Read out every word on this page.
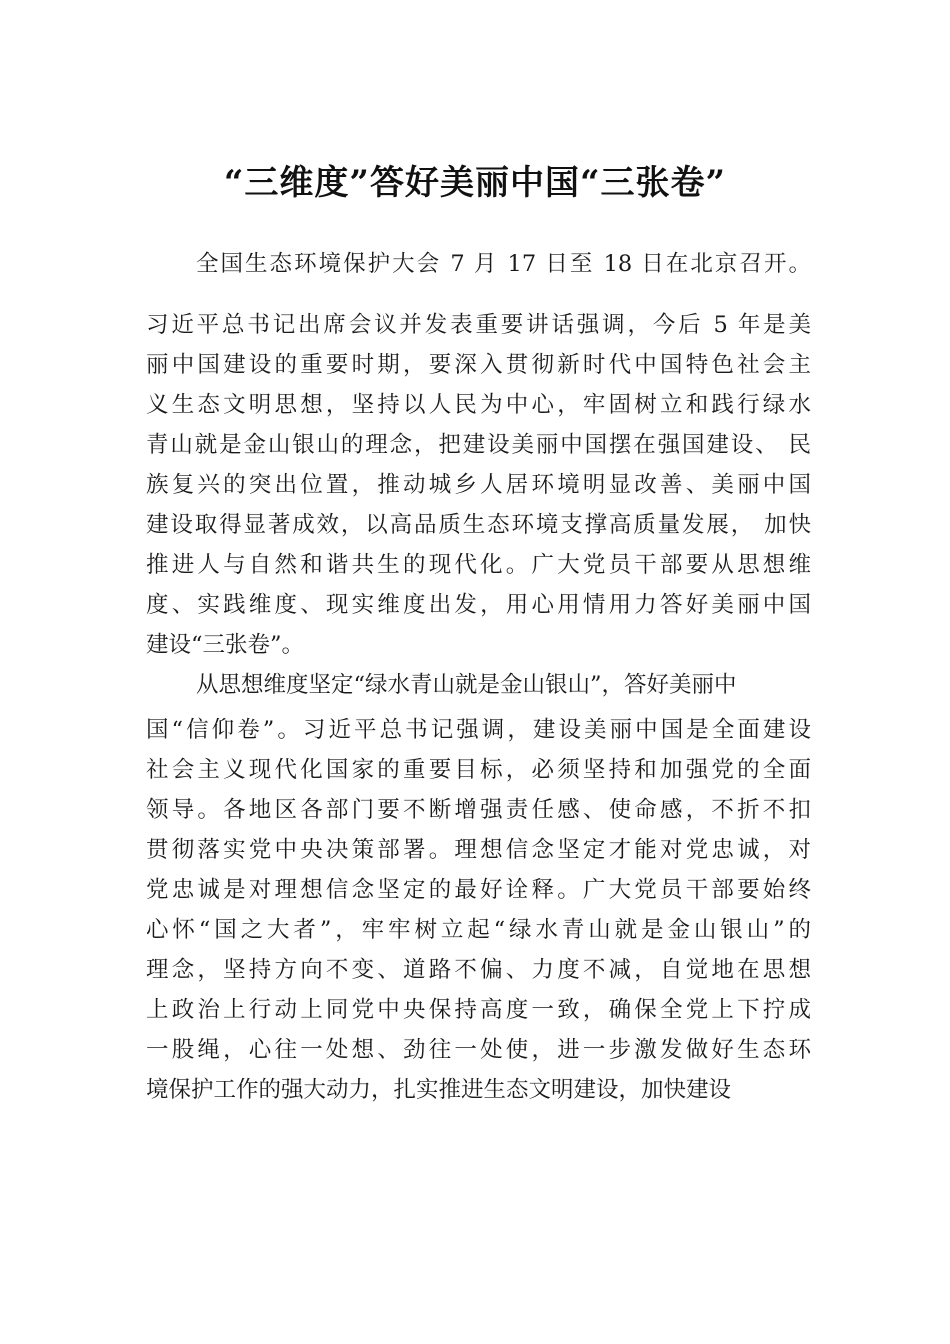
“三维度”答好美丽中国“三张卷”
全国生态环境保护大会 7 月 17 日至 18 日在北京召开。
习近平总书记出席会议并发表重要讲话强调，今后 5 年是美
丽中国建设的重要时期，要深入贯彻新时代中国特色社会主
义生态文明思想，坚持以人民为中心，牢固树立和践行绿水
青山就是金山银山的理念，把建设美丽中国摆在强国建设、 民
族复兴的突出位置，推动城乡人居环境明显改善、美丽中国
建设取得显著成效，以高品质生态环境支撑高质量发展， 加快
推进人与自然和谐共生的现代化。广大党员干部要从思想维
度、实践维度、现实维度出发，用心用情用力答好美丽中国
建设“三张卷”。
从思想维度坚定“绿水青山就是金山银山”，答好美丽中
国“信仰卷”。习近平总书记强调，建设美丽中国是全面建设
社会主义现代化国家的重要目标，必须坚持和加强党的全面
领导。各地区各部门要不断增强责任感、使命感，不折不扣
贯彻落实党中央决策部署。理想信念坚定才能对党忠诚，对
党忠诚是对理想信念坚定的最好诠释。广大党员干部要始终
心怀“国之大者”，牢牢树立起“绿水青山就是金山银山”的
理念，坚持方向不变、道路不偏、力度不减，自觉地在思想
上政治上行动上同党中央保持高度一致，确保全党上下拧成
一股绳，心往一处想、劲往一处使，进一步激发做好生态环
境保护工作的强大动力，扎实推进生态文明建设，加快建设
